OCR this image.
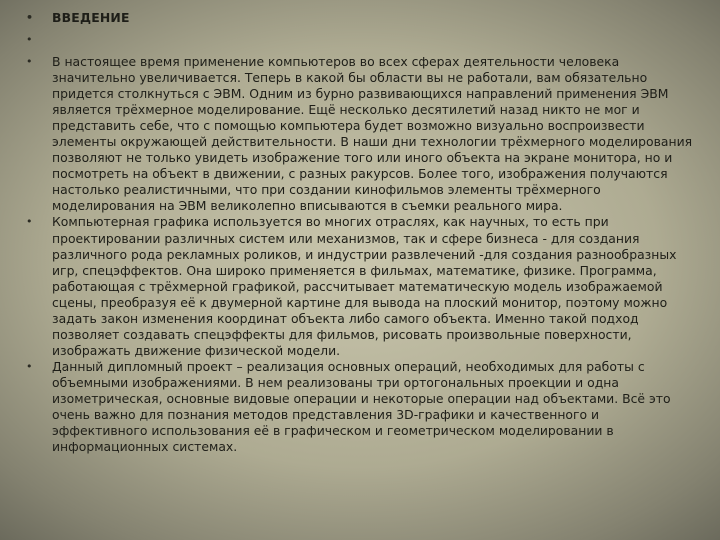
•	ВВЕДЕНИЕ
•
•	В настоящее время применение компьютеров во всех сферах деятельности человека значительно увеличивается. Теперь в какой бы области вы не работали, вам обязательно придется столкнуться с ЭВМ. Одним из бурно развивающихся направлений применения ЭВМ является трёхмерное моделирование. Ещё несколько десятилетий назад никто не мог и представить себе, что с помощью компьютера будет возможно визуально воспроизвести элементы окружающей действительности. В наши дни технологии трёхмерного моделирования позволяют не только увидеть изображение того или иного объекта на экране монитора, но и посмотреть на объект в движении, с разных ракурсов. Более того, изображения получаются настолько реалистичными, что при создании кинофильмов элементы трёхмерного моделирования на ЭВМ великолепно вписываются в съемки реального мира.
•	Компьютерная графика используется во многих отраслях, как научных, то есть при проектировании различных систем или механизмов, так и сфере бизнеса - для создания различного рода рекламных роликов, и индустрии развлечений -для создания разнообразных игр, спецэффектов. Она широко применяется в фильмах, математике, физике. Программа, работающая с трёхмерной графикой, рассчитывает математическую модель изображаемой сцены, преобразуя её к двумерной картине для вывода на плоский монитор, поэтому можно задать закон изменения координат объекта либо самого объекта. Именно такой подход позволяет создавать спецэффекты для фильмов, рисовать произвольные поверхности, изображать движение физической модели.
•	Данный дипломный проект – реализация основных операций, необходимых для работы с объемными изображениями. В нем реализованы три ортогональных проекции и одна изометрическая, основные видовые операции и некоторые операции над объектами. Всё это очень важно для познания методов представления 3D-графики и качественного и эффективного использования её в графическом и геометрическом моделировании в информационных системах.
